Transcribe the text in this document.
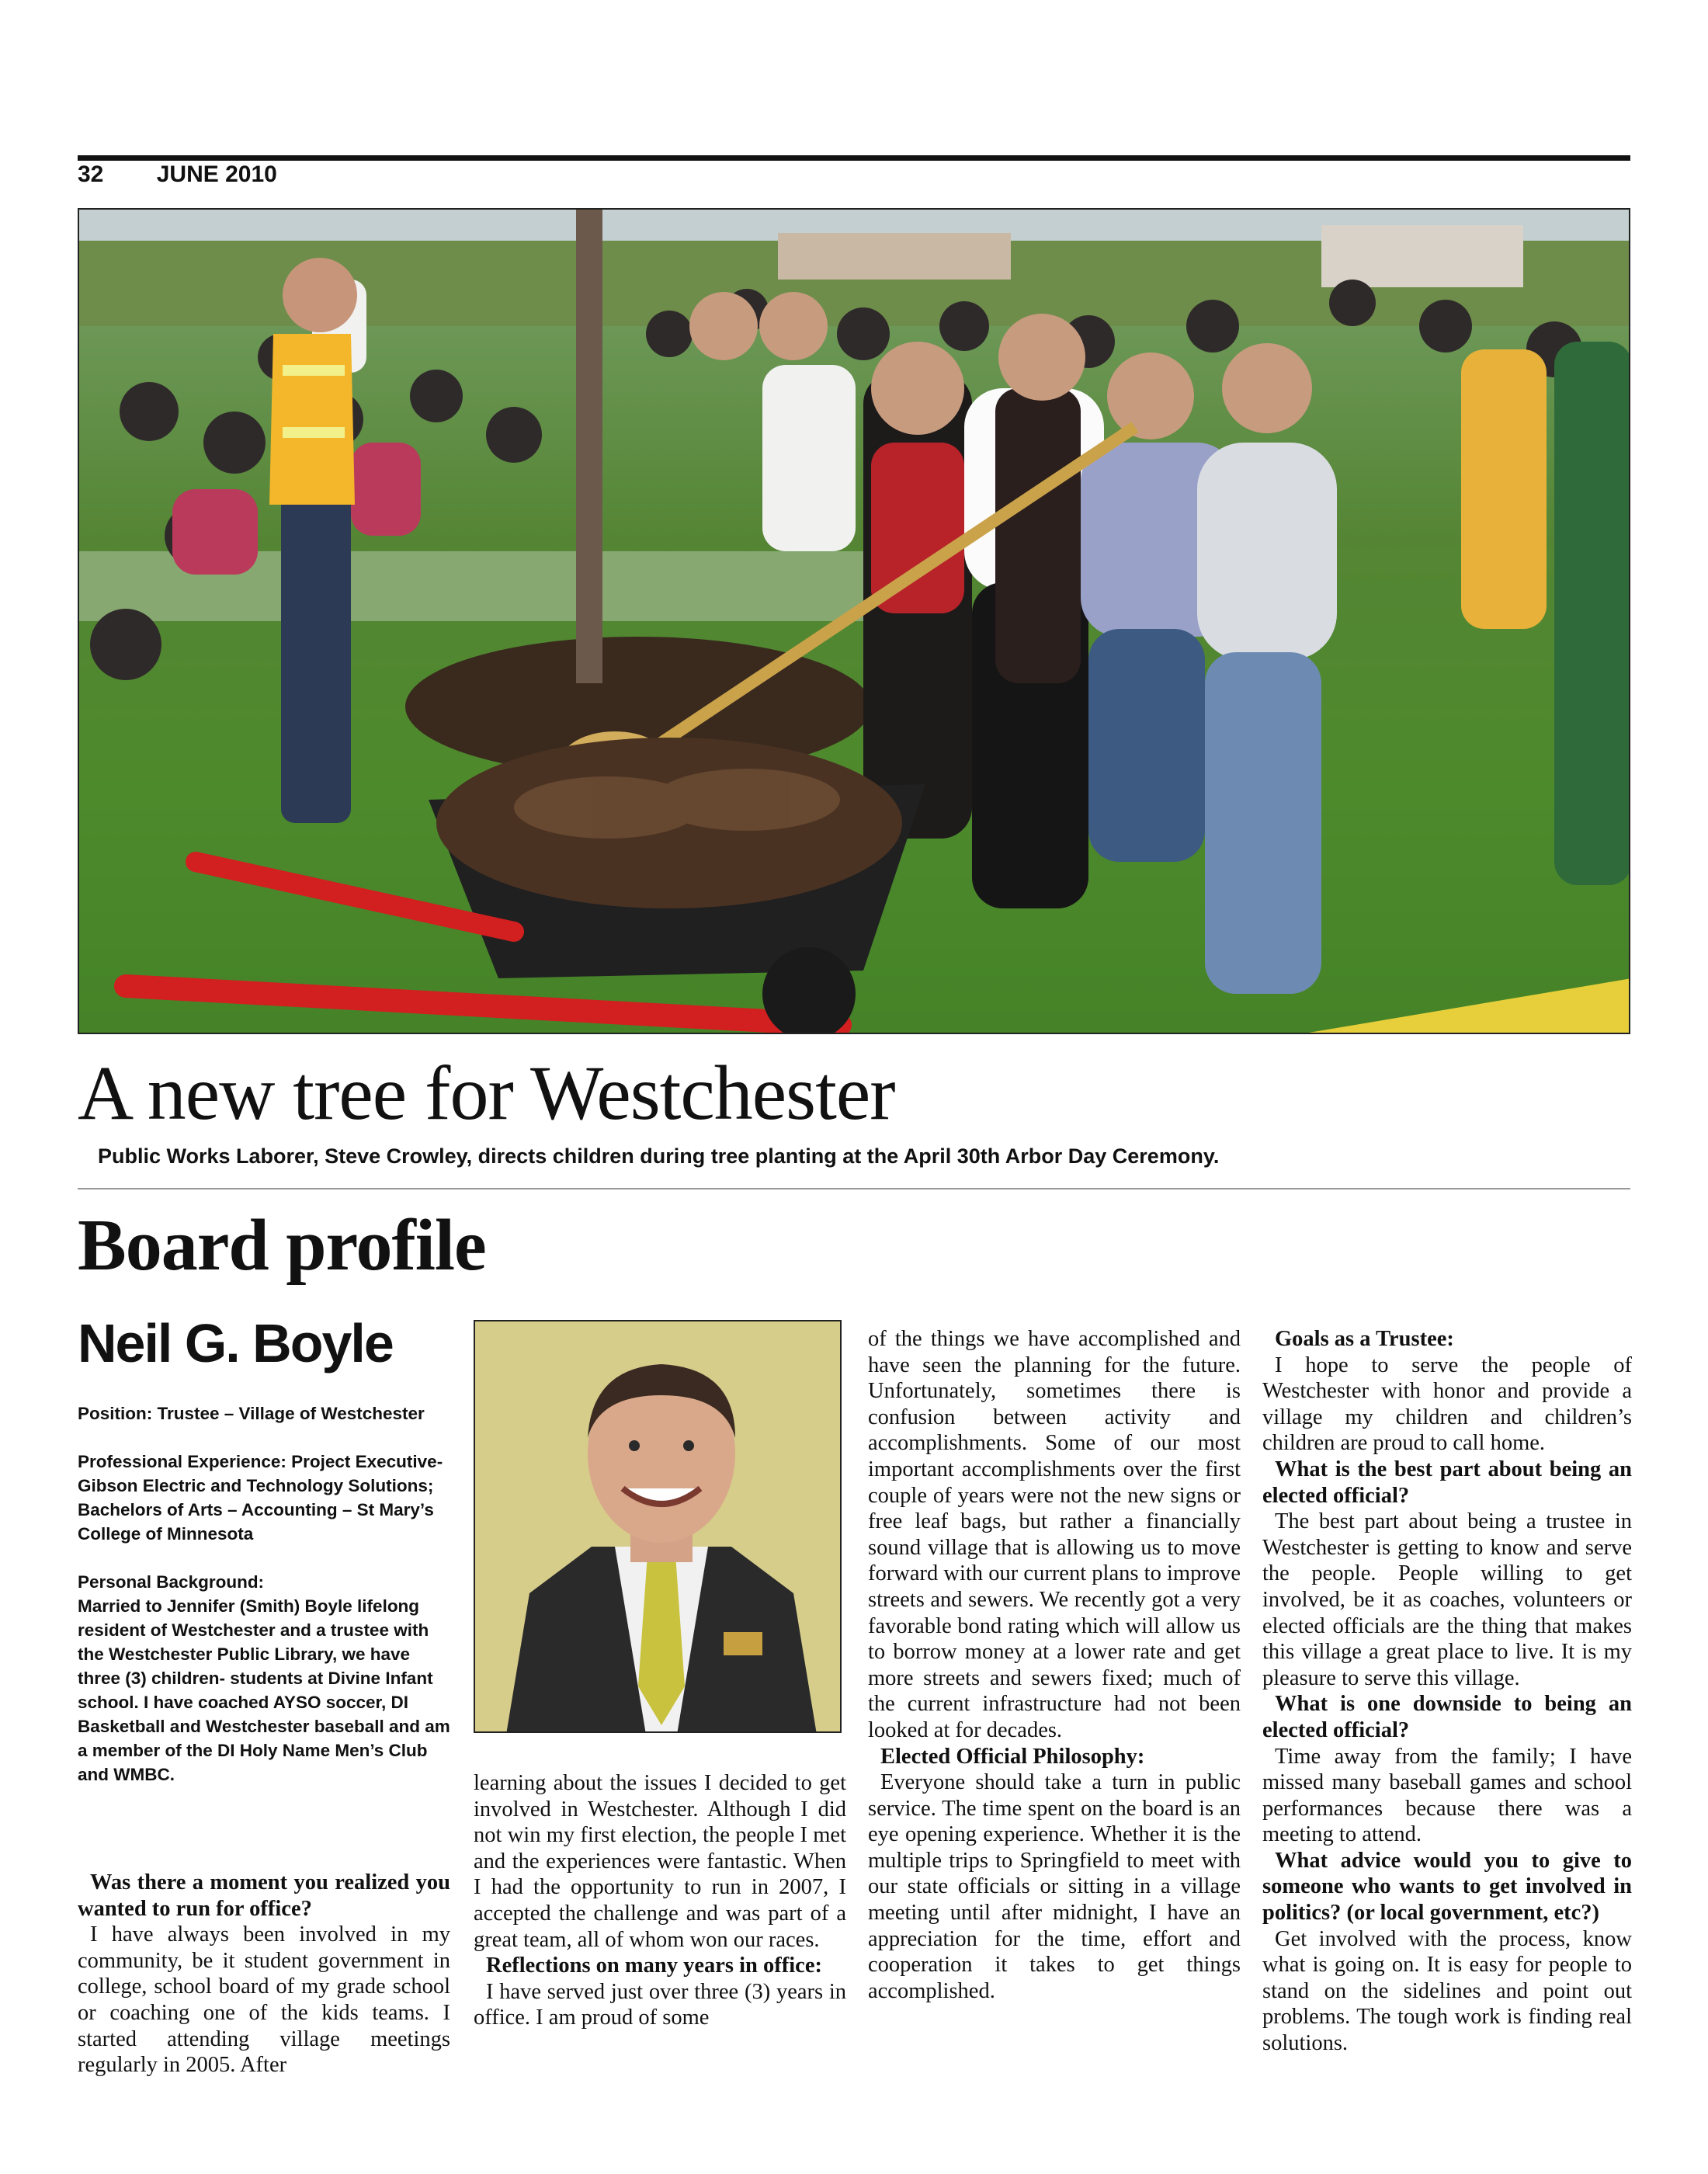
32 JUNE 2010
A new tree for Westchester
Public Works Laborer, Steve Crowley, directs children during tree planting at the April 30th Arbor Day Ceremony.
Board profile
Neil G. Boyle

Position: Trustee – Village of Westchester

Professional Experience: Project Executive-Gibson Electric and Technology Solutions; Bachelors of Arts – Accounting – St Mary’s College of Minnesota

Personal Background:
Married to Jennifer (Smith) Boyle lifelong resident of Westchester and a trustee with the Westchester Public Library, we have three (3) children- students at Divine Infant school. I have coached AYSO soccer, DI Basketball and Westchester baseball and am a member of the DI Holy Name Men’s Club and WMBC.

Was there a moment you realized you wanted to run for office?

I have always been involved in my community, be it student government in college, school board of my grade school or coaching one of the kids teams. I started attending village meetings regularly in 2005. After

learning about the issues I decided to get involved in Westchester. Although I did not win my first election, the people I met and the experiences were fantastic. When I had the opportunity to run in 2007, I accepted the challenge and was part of a great team, all of whom won our races.

Reflections on many years in office:

I have served just over three (3) years in office. I am proud of some

of the things we have accomplished and have seen the planning for the future. Unfortunately, sometimes there is confusion between activity and accomplishments. Some of our most important accomplishments over the first couple of years were not the new signs or free leaf bags, but rather a financially sound village that is allowing us to move forward with our current plans to improve streets and sewers. We recently got a very favorable bond rating which will allow us to borrow money at a lower rate and get more streets and sewers fixed; much of the current infrastructure had not been looked at for decades.

Elected Official Philosophy:

Everyone should take a turn in public service. The time spent on the board is an eye opening experience. Whether it is the multiple trips to Springfield to meet with our state officials or sitting in a village meeting until after midnight, I have an appreciation for the time, effort and cooperation it takes to get things accomplished.

Goals as a Trustee:

I hope to serve the people of Westchester with honor and provide a village my children and children’s children are proud to call home.

What is the best part about being an elected official?

The best part about being a trustee in Westchester is getting to know and serve the people. People willing to get involved, be it as coaches, volunteers or elected officials are the thing that makes this village a great place to live. It is my pleasure to serve this village.

What is one downside to being an elected official?

Time away from the family; I have missed many baseball games and school performances because there was a meeting to attend.

What advice would you to give to someone who wants to get involved in politics? (or local government, etc?)

Get involved with the process, know what is going on. It is easy for people to stand on the sidelines and point out problems. The tough work is finding real solutions.
